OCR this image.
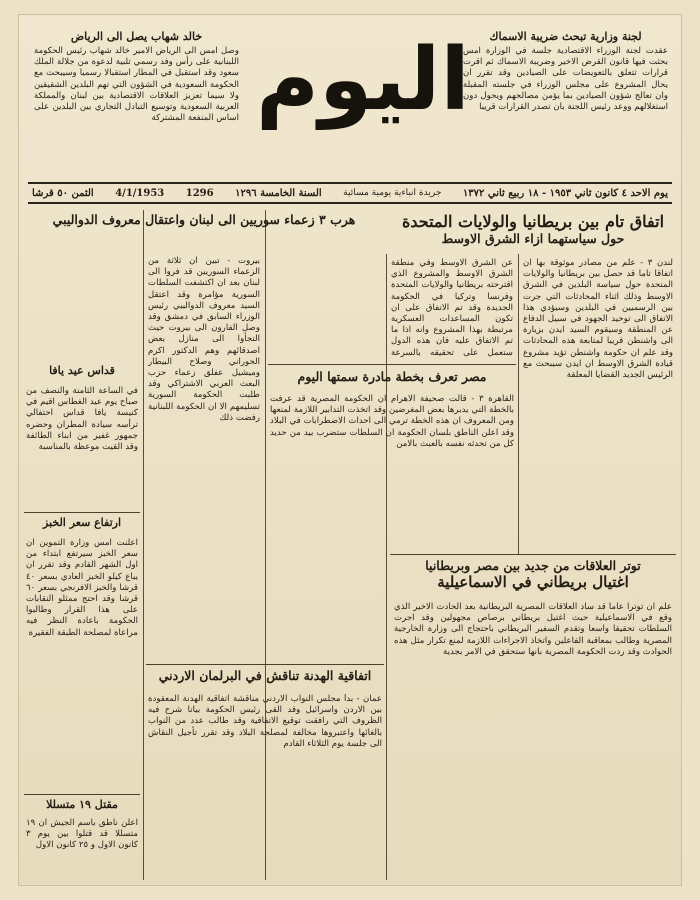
خالد شهاب يصل الى الرياض
وصل امس الى الرياض الامير خالد شهاب رئيس الحكومة اللبنانية على رأس وفد رسمي تلبية لدعوة من جلالة الملك سعود وقد استقبل في المطار استقبالا رسميا وسيبحث مع الحكومة السعودية في الشؤون التي تهم البلدين الشقيقين ولا سيما تعزيز العلاقات الاقتصادية بين لبنان والمملكة العربية السعودية وتوسيع التبادل التجاري بين البلدين على اساس المنفعة المشتركة اليوم	لجنة وزارية تبحث ضريبة الاسماك
عقدت لجنة الوزراء الاقتصادية جلسة في الوزارة امس بحثت فيها قانون القرض الاخير وضريبة الاسماك ثم اقرت قرارات تتعلق بالتعويضات على الصيادين وقد تقرر ان يحال المشروع على مجلس الوزراء في جلسته المقبلة وان تعالج شؤون الصيادين بما يؤمن مصالحهم ويحول دون استغلالهم ووعد رئيس اللجنة بان تصدر القرارات قريبا
يوم الاحد ٤ كانون ثاني ١٩٥٣ - ١٨ ربيع ثاني ١٣٧٢
جريدة انباءية يومية مسائية
السنة الخامسة ١٢٩٦
1296
4/1/1953
الثمن ٥٠ قرشا
اتفاق تام بين بريطانيا والولايات المتحدة
حول سياستهما ازاء الشرق الاوسط
لندن ٣ - علم من مصادر موثوقة بها ان اتفاقا تاما قد حصل بين بريطانيا والولايات المتحدة حول سياسة البلدين في الشرق الاوسط وذلك اثناء المحادثات التي جرت بين الرسميين في البلدين وسيؤدي هذا الاتفاق الى توحيد الجهود في سبيل الدفاع عن المنطقة وسيقوم السيد ايدن بزيارة الى واشنطن قريبا لمتابعة هذه المحادثات وقد علم ان حكومة واشنطن تؤيد مشروع قيادة الشرق الاوسط ان ايدن سيبحث مع الرئيس الجديد القضايا المعلقة
عن الشرق الاوسط وفي منطقة الشرق الاوسط والمشروع الذي اقترحته بريطانيا والولايات المتحدة وفرنسا وتركيا في الحكومة الجديدة وقد تم الاتفاق على ان تكون المساعدات العسكرية مرتبطة بهذا المشروع وانه اذا ما تم الاتفاق عليه فان هذه الدول ستعمل على تحقيقه بالسرعة
مصر تعرف بخطة مادرة سمتها اليوم
القاهرة ٣ - قالت صحيفة الاهرام ان الحكومة المصرية قد عرفت بالخطة التي يدبرها بعض المغرضين وقد اتخذت التدابير اللازمة لمنعها ومن المعروف ان هذه الخطة ترمي الى احداث الاضطرابات في البلاد وقد اعلن الناطق بلسان الحكومة ان السلطات ستضرب بيد من حديد كل من تحدثه نفسه بالعبث بالامن
هرب ٣ زعماء سوريين الى لبنان واعتقال معروف الدواليبي
بيروت - تبين ان ثلاثة من الزعماء السوريين قد فروا الى لبنان بعد ان اكتشفت السلطات السورية مؤامرة وقد اعتقل السيد معروف الدواليبي رئيس الوزراء السابق في دمشق وقد وصل الفارون الى بيروت حيث التجأوا الى منازل بعض اصدقائهم وهم الدكتور اكرم الحوراني وصلاح البيطار وميشيل عفلق زعماء حزب البعث العربي الاشتراكي وقد طلبت الحكومة السورية تسليمهم الا ان الحكومة اللبنانية رفضت ذلك
قداس عيد يافا
في الساعة الثامنة والنصف من صباح يوم عيد الغطاس اقيم في كنيسة يافا قداس احتفالي ترأسه سيادة المطران وحضره جمهور غفير من ابناء الطائفة وقد القيت موعظة بالمناسبة
ارتفاع سعر الخبز
اعلنت امس وزارة التموين ان سعر الخبز سيرتفع ابتداء من اول الشهر القادم وقد تقرر ان يباع كيلو الخبز العادي بسعر ٤٠ قرشا والخبز الافرنجي بسعر ٦٠ قرشا وقد احتج ممثلو النقابات على هذا القرار وطالبوا الحكومة باعادة النظر فيه مراعاة لمصلحة الطبقة الفقيرة
مقتل ١٩ متسللا
اعلن ناطق باسم الجيش ان ١٩ متسللا قد قتلوا بين يوم ٣ كانون الاول و ٢٥ كانون الاول
اتفاقية الهدنة تناقش في البرلمان الاردني
عمان - بدأ مجلس النواب الاردني مناقشة اتفاقية الهدنة المعقودة بين الاردن واسرائيل وقد القى رئيس الحكومة بيانا شرح فيه الظروف التي رافقت توقيع الاتفاقية وقد طالب عدد من النواب بالغائها واعتبروها مخالفة لمصلحة البلاد وقد تقرر تأجيل النقاش الى جلسة يوم الثلاثاء القادم
توتر العلاقات من جديد بين مصر وبريطانيا
اغتيال بريطاني في الاسماعيلية
علم ان توترا عاما قد ساد العلاقات المصرية البريطانية بعد الحادث الاخير الذي وقع في الاسماعيلية حيث اغتيل بريطاني برصاص مجهولين وقد اجرت السلطات تحقيقا واسعا وتقدم السفير البريطاني باحتجاج الى وزارة الخارجية المصرية وطالب بمعاقبة الفاعلين واتخاذ الاجراءات اللازمة لمنع تكرار مثل هذه الحوادث وقد ردت الحكومة المصرية بانها ستحقق في الامر بجدية
